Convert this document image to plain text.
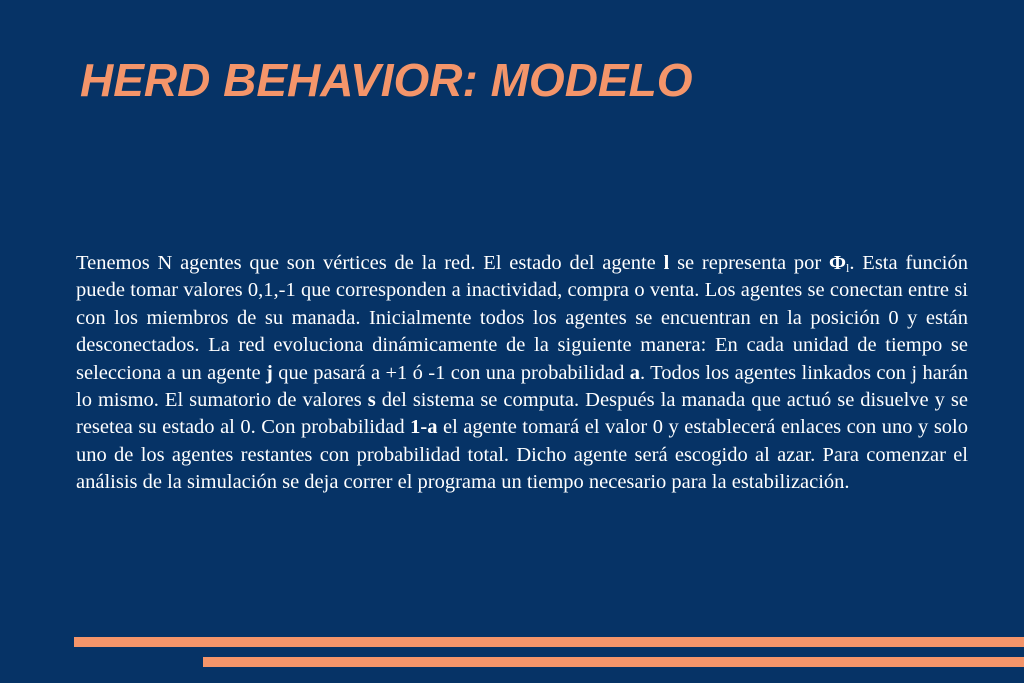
HERD BEHAVIOR: MODELO

Tenemos N agentes que son vértices de la red. El estado del agente l se representa por $\Phi_l$. Esta función puede tomar valores 0,1,-1 que corresponden a inactividad, compra o venta. Los agentes se conectan entre si con los miembros de su manada. Inicialmente todos los agentes se encuentran en la posición 0 y están desconectados. La red evoluciona dinámicamente de la siguiente manera: En cada unidad de tiempo se selecciona a un agente j que pasará a +1 ó -1 con una probabilidad a. Todos los agentes linkados con j harán lo mismo. El sumatorio de valores s del sistema se computa. Después la manada que actuó se disuelve y se resetea su estado al 0. Con probabilidad 1-a el agente tomará el valor 0 y establecerá enlaces con uno y solo uno de los agentes restantes con probabilidad total. Dicho agente será escogido al azar. Para comenzar el análisis de la simulación se deja correr el programa un tiempo necesario para la estabilización.
